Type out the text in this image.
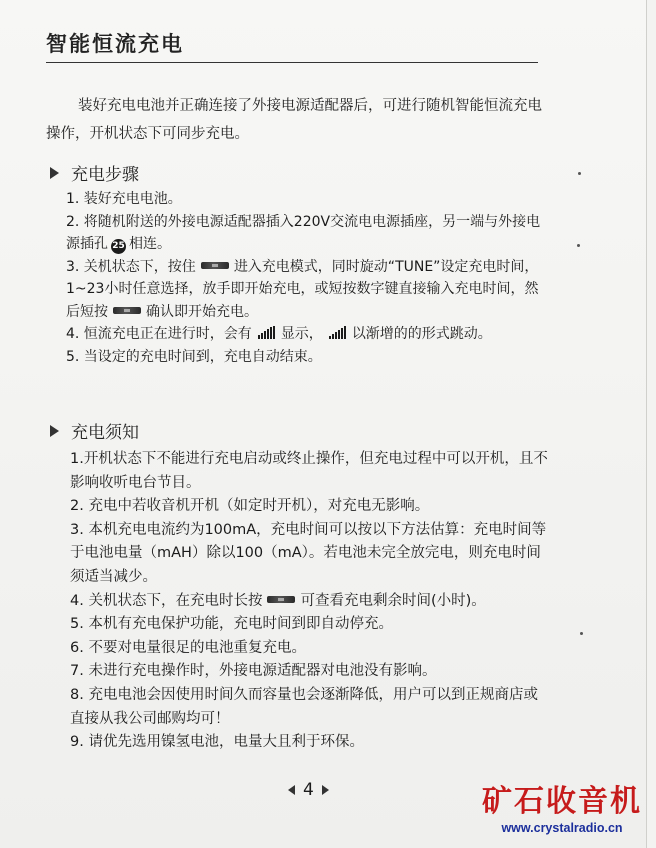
智能恒流充电

装好充电电池并正确连接了外接电源适配器后，可进行随机智能恒流充电操作，开机状态下可同步充电。

充电步骤

1. 装好充电电池。

2. 将随机附送的外接电源适配器插入220V交流电电源插座，另一端与外接电源插孔 25 相连。

3. 关机状态下，按住	进入充电模式，同时旋动“TUNE”设定充电时间，1~23小时任意选择，放手即开始充电，或短按数字键直接输入充电时间，然后短按	确认即开始充电。

4. 恒流充电正在进行时，会有 显示， 以渐增的的形式跳动。

5. 当设定的充电时间到，充电自动结束。

充电须知

1.开机状态下不能进行充电启动或终止操作，但充电过程中可以开机，且不影响收听电台节目。

2. 充电中若收音机开机（如定时开机），对充电无影响。

3. 本机充电电流约为100mA，充电时间可以按以下方法估算：充电时间等于电池电量（mAH）除以100（mA）。若电池未完全放完电，则充电时间须适当减少。

4. 关机状态下，在充电时长按	可查看充电剩余时间(小时)。

5. 本机有充电保护功能，充电时间到即自动停充。

6. 不要对电量很足的电池重复充电。

7. 未进行充电操作时，外接电源适配器对电池没有影响。

8. 充电电池会因使用时间久而容量也会逐渐降低，用户可以到正规商店或直接从我公司邮购均可！

9. 请优先选用镍氢电池，电量大且利于环保。

4	矿石收音机
www.crystalradio.cn
